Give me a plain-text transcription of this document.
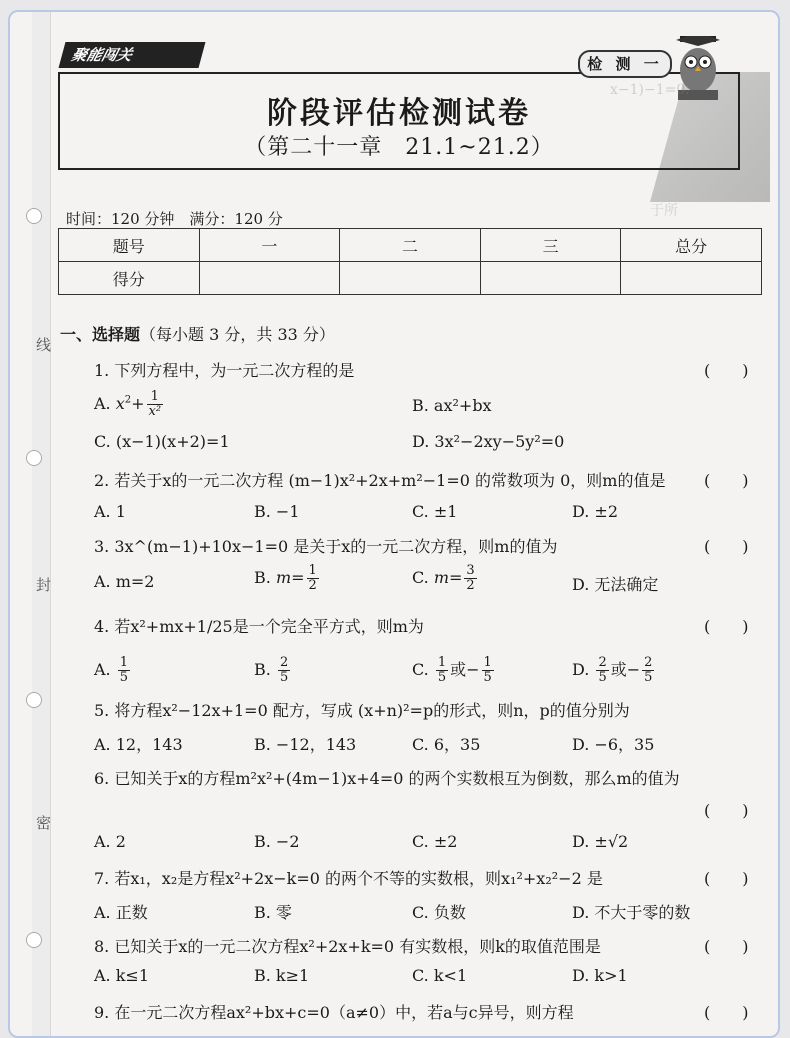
线
封
密
聚能闯关
阶段评估检测试卷
（第二十一章　21.1~21.2）
检 测 一
x−1)−1=0.
于所
时间：120 分钟　满分：120 分
题号	一	二	三	总分
得分				
一、选择题（每小题 3 分，共 33 分）
1. 下列方程中，为一元二次方程的是	(　　)
A. $x^2+ \frac{1}{\text{x²}}$	B. ax²+bx
C. (x−1)(x+2)=1	D. 3x²−2xy−5y²=0
2. 若关于x的一元二次方程 (m−1)x²+2x+m²−1=0 的常数项为 0，则m的值是 (　　)
A. 1	B. −1	C. ±1	D. ±2
3. 3x^(m−1)+10x−1=0 是关于x的一元二次方程，则m的值为	(　　)
A. m=2	B. $m= \frac{1}{2}$	C. $m= \frac{3}{2}$	D. 无法确定
4. 若x²+mx+1/25是一个完全平方式，则m为	(　　)
A. $\frac{1}{5}$	B. $\frac{2}{5}$	C. $\frac{1}{5}$ 或− $\frac{1}{5}$	D. $\frac{2}{5}$ 或− $\frac{2}{5}$
5. 将方程x²−12x+1=0 配方，写成 (x+n)²=p的形式，则n，p的值分别为
A. 12，143	B. −12，143	C. 6，35	D. −6，35
6. 已知关于x的方程m²x²+(4m−1)x+4=0 的两个实数根互为倒数，那么m的值为
(　　)
A. 2	B. −2	C. ±2	D. ±√2
7. 若x₁，x₂是方程x²+2x−k=0 的两个不等的实数根，则x₁²+x₂²−2 是	(　　)
A. 正数	B. 零	C. 负数	D. 不大于零的数
8. 已知关于x的一元二次方程x²+2x+k=0 有实数根，则k的取值范围是	(　　)
A. k≤1	B. k≥1	C. k<1	D. k>1
9. 在一元二次方程ax²+bx+c=0（a≠0）中，若a与c异号，则方程	(　　)
